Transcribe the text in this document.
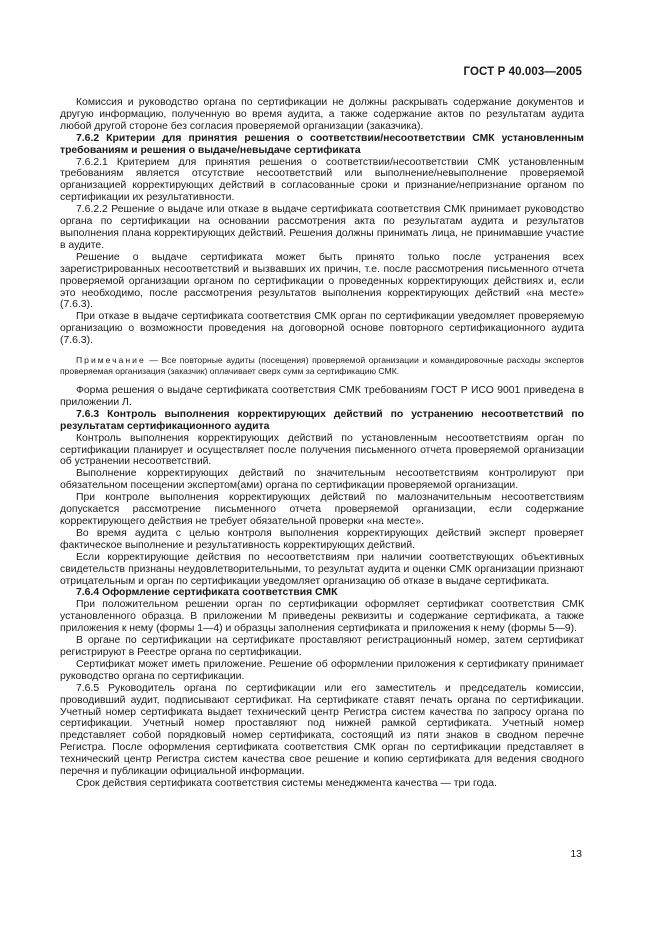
ГОСТ Р 40.003—2005

Комиссия и руководство органа по сертификации не должны раскрывать содержание документов и другую информацию, полученную во время аудита, а также содержание актов по результатам аудита любой другой стороне без согласия проверяемой организации (заказчика).

7.6.2 Критерии для принятия решения о соответствии/несоответствии СМК установленным требованиям и решения о выдаче/невыдаче сертификата

7.6.2.1 Критерием для принятия решения о соответствии/несоответствии СМК установленным требованиям является отсутствие несоответствий или выполнение/невыполнение проверяемой организацией корректирующих действий в согласованные сроки и признание/непризнание органом по сертификации их результативности.

7.6.2.2 Решение о выдаче или отказе в выдаче сертификата соответствия СМК принимает руководство органа по сертификации на основании рассмотрения акта по результатам аудита и результатов выполнения плана корректирующих действий. Решения должны принимать лица, не принимавшие участие в аудите.

Решение о выдаче сертификата может быть принято только после устранения всех зарегистрированных несоответствий и вызвавших их причин, т.е. после рассмотрения письменного отчета проверяемой организации органом по сертификации о проведенных корректирующих действиях и, если это необходимо, после рассмотрения результатов выполнения корректирующих действий «на месте» (7.6.3).

При отказе в выдаче сертификата соответствия СМК орган по сертификации уведомляет проверяемую организацию о возможности проведения на договорной основе повторного сертификационного аудита (7.6.3).

Примечание — Все повторные аудиты (посещения) проверяемой организации и командировочные расходы экспертов проверяемая организация (заказчик) оплачивает сверх сумм за сертификацию СМК.

Форма решения о выдаче сертификата соответствия СМК требованиям ГОСТ Р ИСО 9001 приведена в приложении Л.

7.6.3 Контроль выполнения корректирующих действий по устранению несоответствий по результатам сертификационного аудита

Контроль выполнения корректирующих действий по установленным несоответствиям орган по сертификации планирует и осуществляет после получения письменного отчета проверяемой организации об устранении несоответствий.

Выполнение корректирующих действий по значительным несоответствиям контролируют при обязательном посещении экспертом(ами) органа по сертификации проверяемой организации.

При контроле выполнения корректирующих действий по малозначительным несоответствиям допускается рассмотрение письменного отчета проверяемой организации, если содержание корректирующего действия не требует обязательной проверки «на месте».

Во время аудита с целью контроля выполнения корректирующих действий эксперт проверяет фактическое выполнение и результативность корректирующих действий.

Если корректирующие действия по несоответствиям при наличии соответствующих объективных свидетельств признаны неудовлетворительными, то результат аудита и оценки СМК организации признают отрицательным и орган по сертификации уведомляет организацию об отказе в выдаче сертификата.

7.6.4 Оформление сертификата соответствия СМК

При положительном решении орган по сертификации оформляет сертификат соответствия СМК установленного образца. В приложении М приведены реквизиты и содержание сертификата, а также приложения к нему (формы 1—4) и образцы заполнения сертификата и приложения к нему (формы 5—9).

В органе по сертификации на сертификате проставляют регистрационный номер, затем сертификат регистрируют в Реестре органа по сертификации.

Сертификат может иметь приложение. Решение об оформлении приложения к сертификату принимает руководство органа по сертификации.

7.6.5 Руководитель органа по сертификации или его заместитель и председатель комиссии, проводивший аудит, подписывают сертификат. На сертификате ставят печать органа по сертификации. Учетный номер сертификата выдает технический центр Регистра систем качества по запросу органа по сертификации. Учетный номер проставляют под нижней рамкой сертификата. Учетный номер представляет собой порядковый номер сертификата, состоящий из пяти знаков в сводном перечне Регистра. После оформления сертификата соответствия СМК орган по сертификации представляет в технический центр Регистра систем качества свое решение и копию сертификата для ведения сводного перечня и публикации официальной информации.

Срок действия сертификата соответствия системы менеджмента качества — три года.

13
